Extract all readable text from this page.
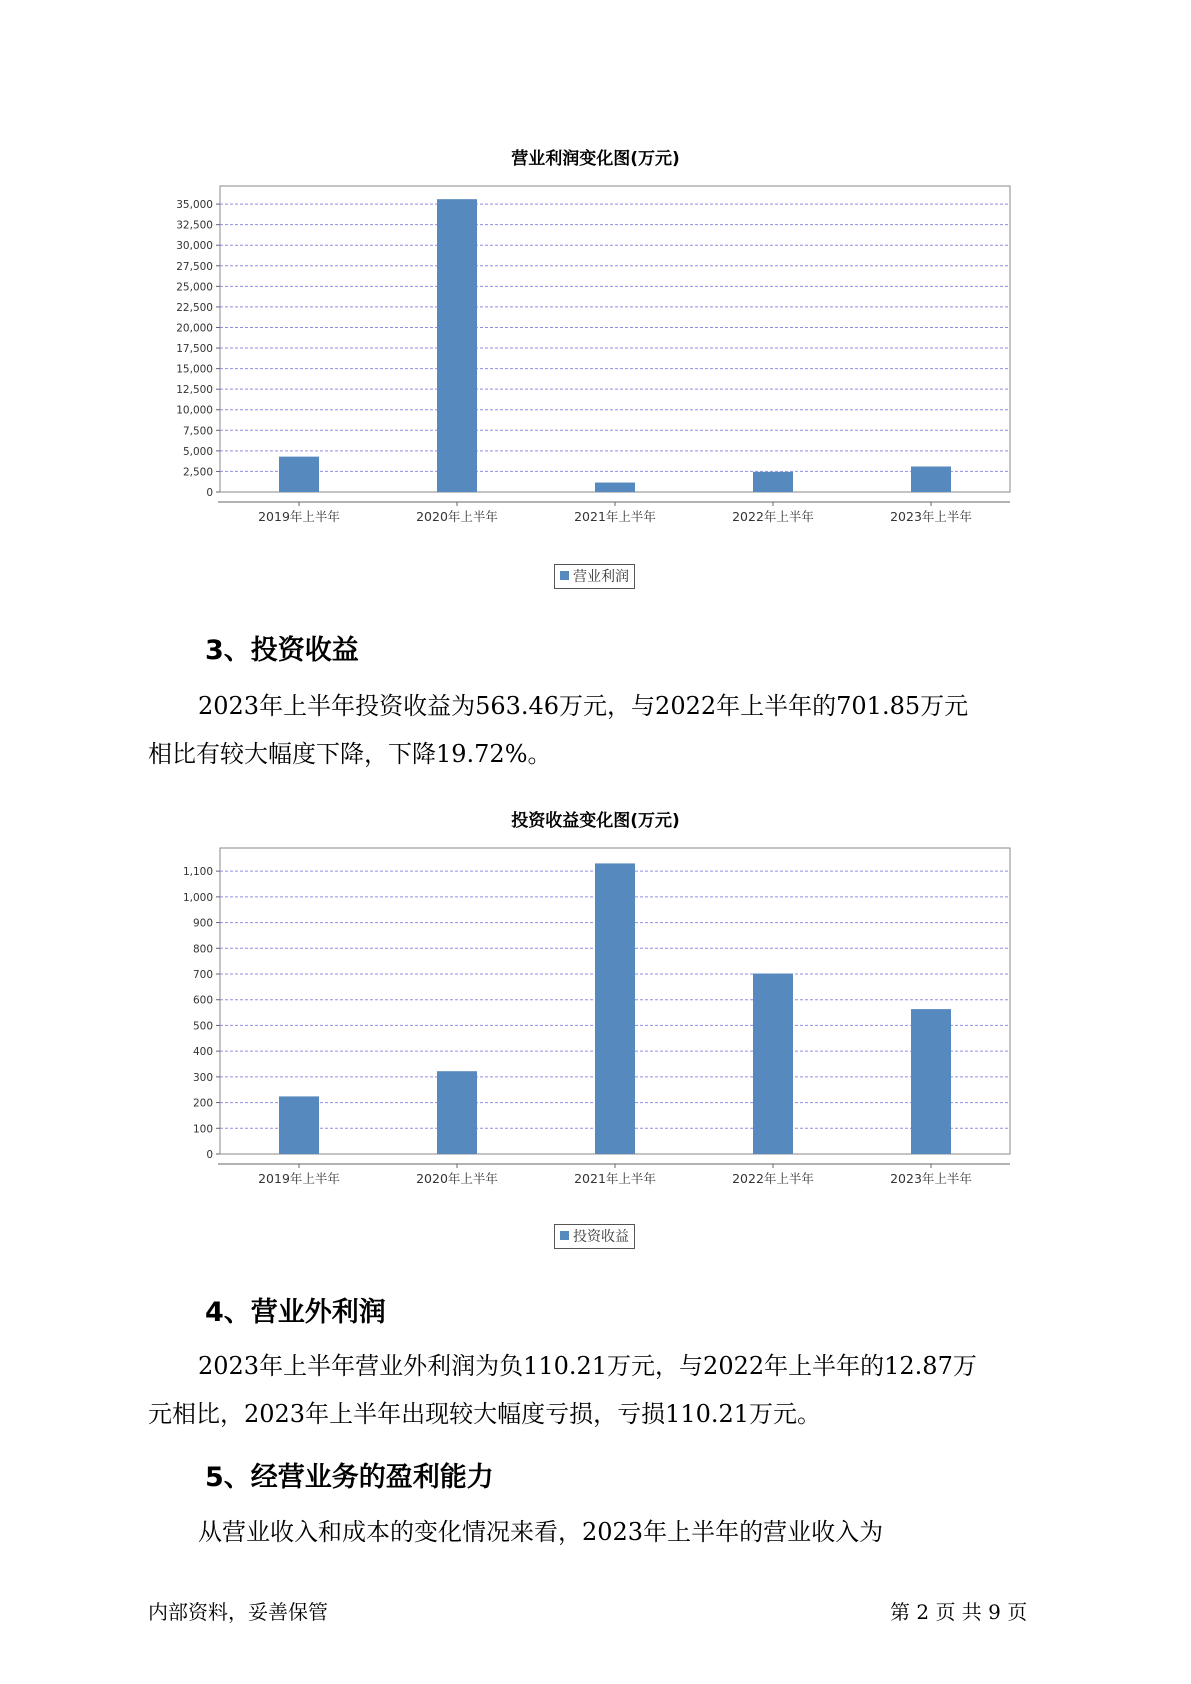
营业利润变化图(万元)
0
2,500
5,000
7,500
10,000
12,500
15,000
17,500
20,000
22,500
25,000
27,500
30,000
32,500
35,000
2019年上半年	2020年上半年	2021年上半年	2022年上半年	2023年上半年
营业利润
3、投资收益

2023年上半年投资收益为563.46万元，与2022年上半年的701.85万元
相比有较大幅度下降，下降19.72%。

投资收益变化图(万元)
0
100
200
300
400
500
600
700
800
900
1,000
1,100
2019年上半年	2020年上半年	2021年上半年	2022年上半年	2023年上半年
投资收益
4、营业外利润

2023年上半年营业外利润为负110.21万元，与2022年上半年的12.87万
元相比，2023年上半年出现较大幅度亏损，亏损110.21万元。

5、经营业务的盈利能力

从营业收入和成本的变化情况来看，2023年上半年的营业收入为

内部资料，妥善保管	第 2 页 共 9 页
